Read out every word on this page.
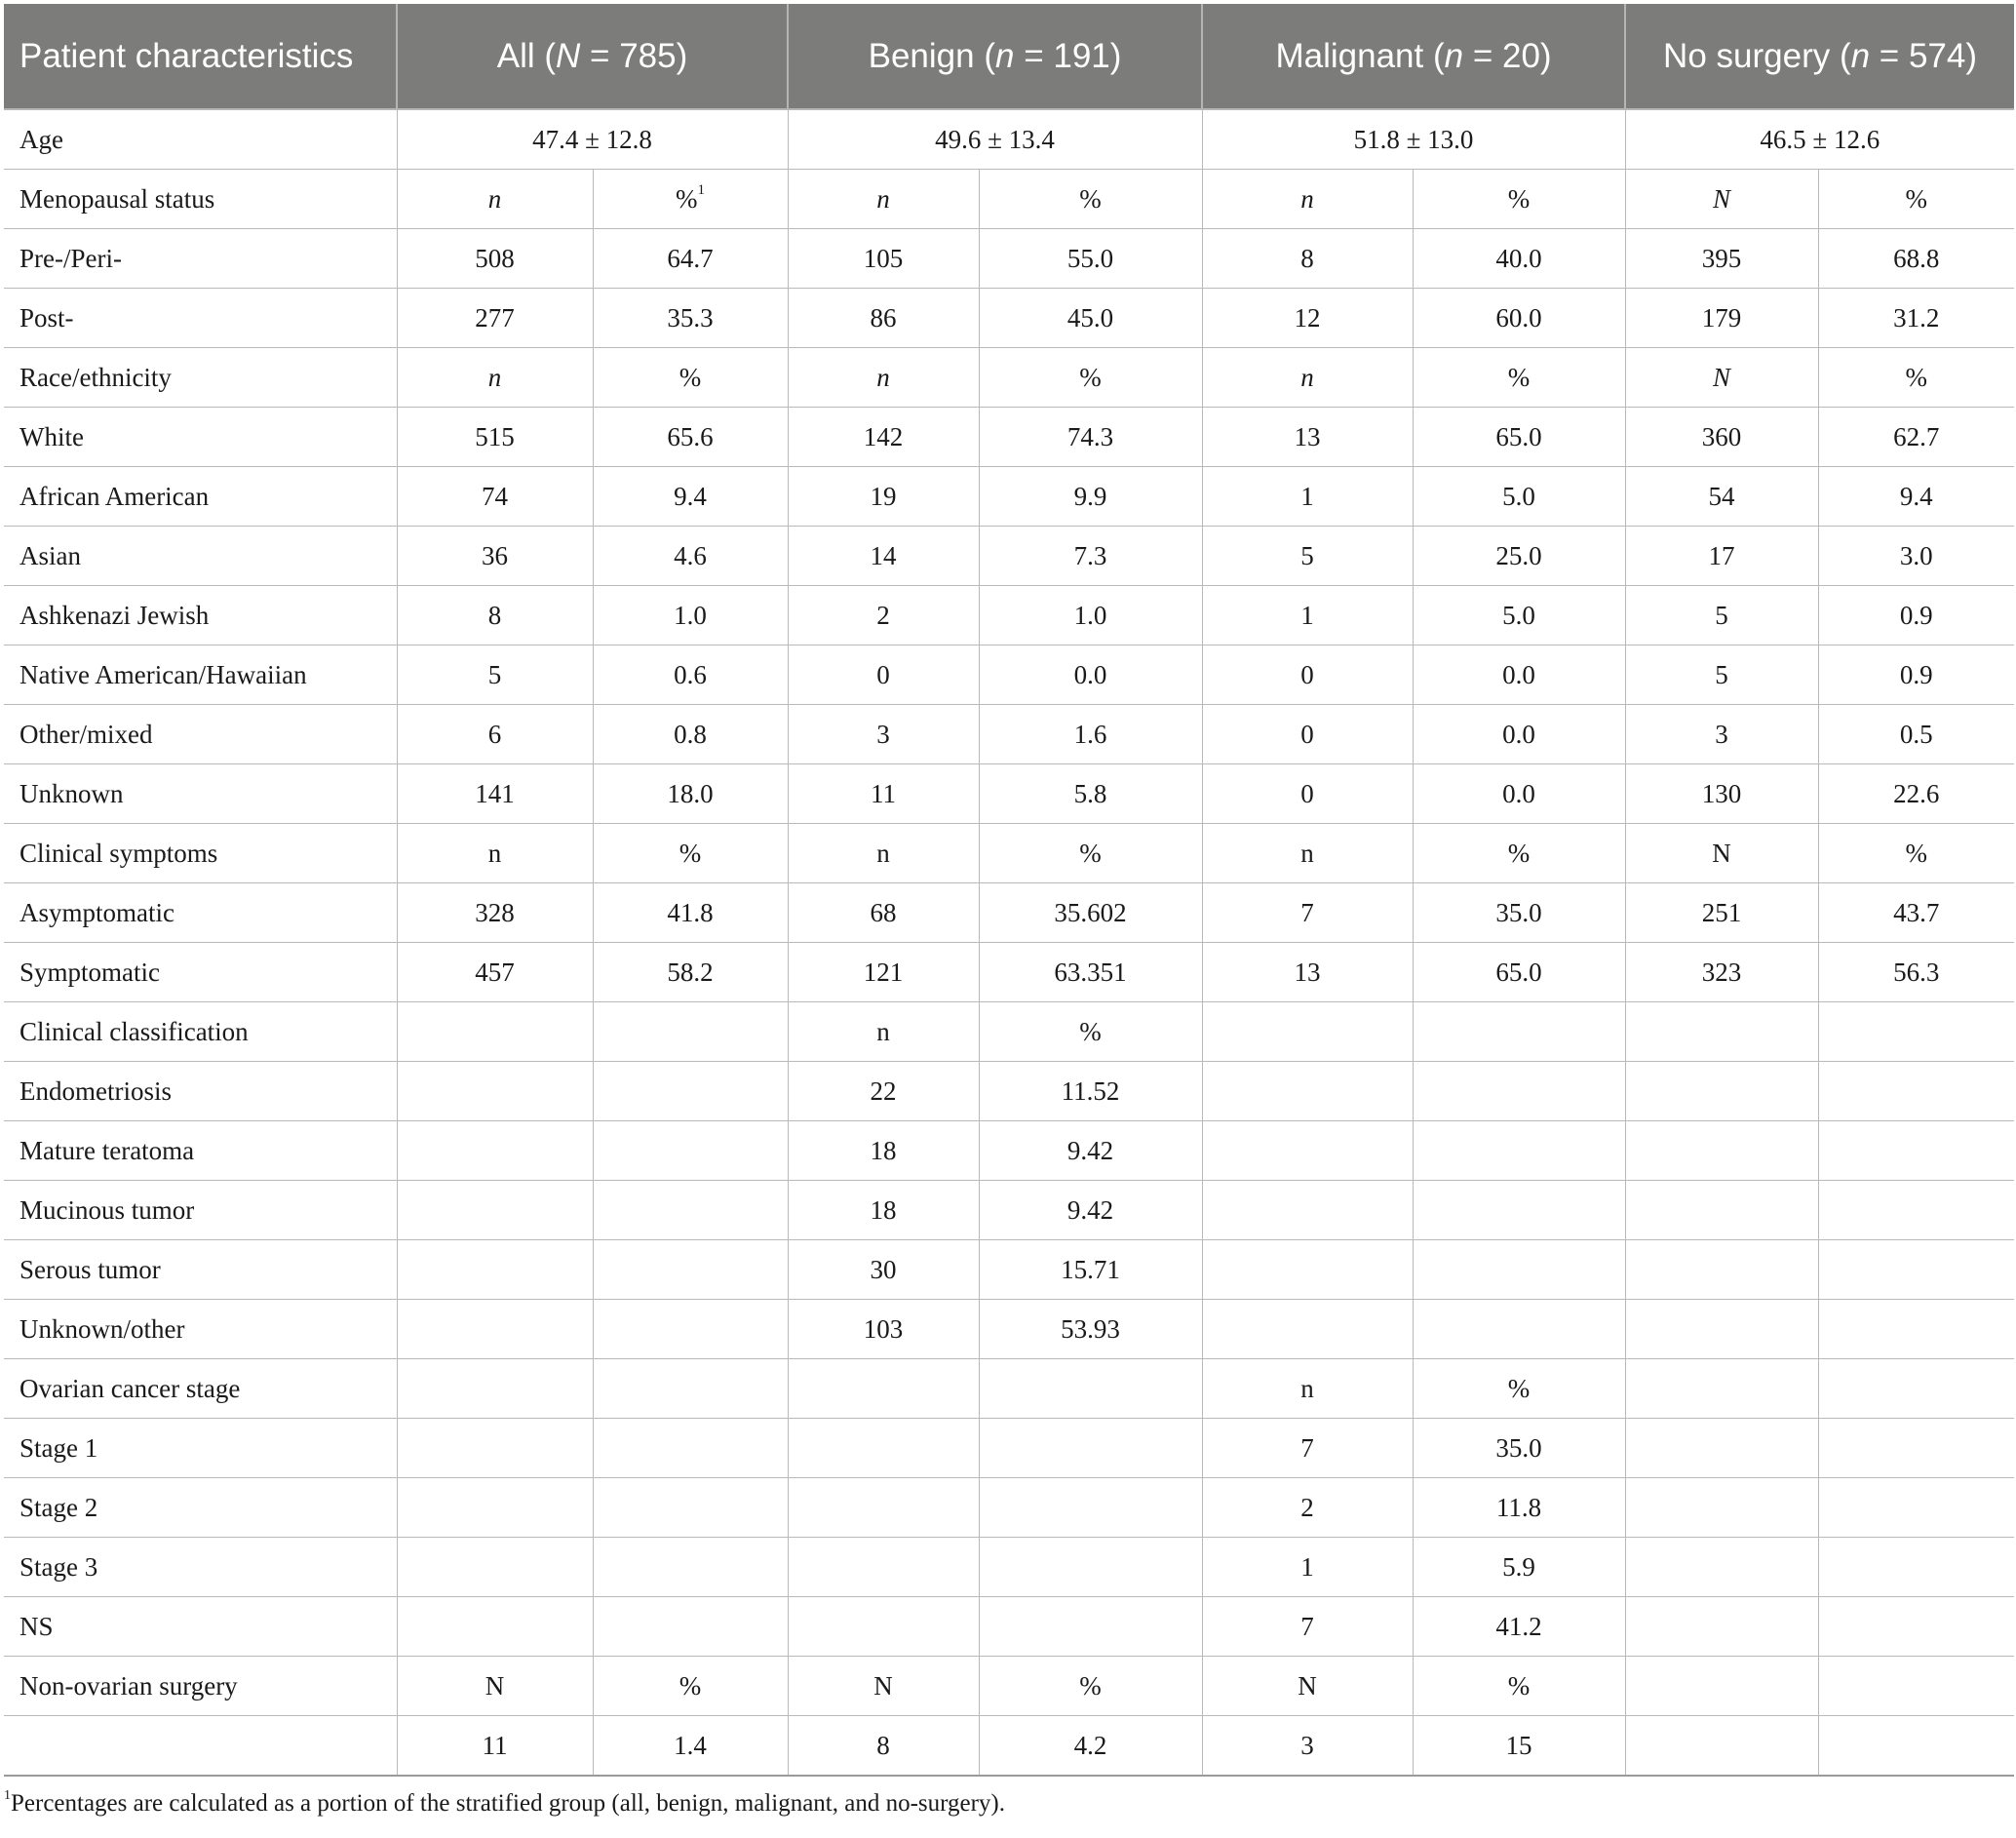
Patient characteristics	All (N = 785)		Benign (n = 191)		Malignant (n = 20)		No surgery (n = 574)	
Age	47.4 ± 12.8		49.6 ± 13.4		51.8 ± 13.0		46.5 ± 12.6	
Menopausal status	n	%$^1$	n	%	n	%	N	%
Pre-/Peri-	508	64.7	105	55.0	8	40.0	395	68.8
Post-	277	35.3	86	45.0	12	60.0	179	31.2
Race/ethnicity	n	%	n	%	n	%	N	%
White	515	65.6	142	74.3	13	65.0	360	62.7
African American	74	9.4	19	9.9	1	5.0	54	9.4
Asian	36	4.6	14	7.3	5	25.0	17	3.0
Ashkenazi Jewish	8	1.0	2	1.0	1	5.0	5	0.9
Native American/Hawaiian	5	0.6	0	0.0	0	0.0	5	0.9
Other/mixed	6	0.8	3	1.6	0	0.0	3	0.5
Unknown	141	18.0	11	5.8	0	0.0	130	22.6
Clinical symptoms	n	%	n	%	n	%	N	%
Asymptomatic	328	41.8	68	35.602	7	35.0	251	43.7
Symptomatic	457	58.2	121	63.351	13	65.0	323	56.3
Clinical classification			n	%				
Endometriosis			22	11.52				
Mature teratoma			18	9.42				
Mucinous tumor			18	9.42				
Serous tumor			30	15.71				
Unknown/other			103	53.93				
Ovarian cancer stage					n	%		
Stage 1					7	35.0		
Stage 2					2	11.8		
Stage 3					1	5.9		
NS					7	41.2		
Non-ovarian surgery	N	%	N	%	N	%		
	11	1.4	8	4.2	3	15		
$^1$Percentages are calculated as a portion of the stratified group (all, benign, malignant, and no-surgery).
